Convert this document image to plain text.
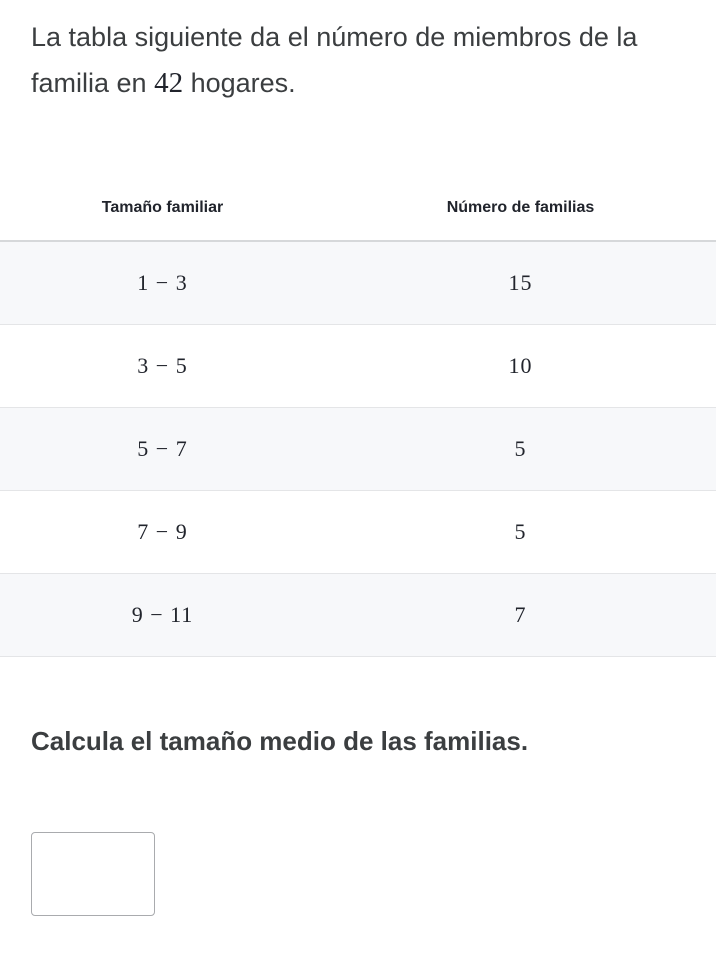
La tabla siguiente da el número de miembros de la familia en 42 hogares.
Tamaño familiar	Número de familias
1 − 3	15
3 − 5	10
5 − 7	5
7 − 9	5
9 − 11	7
Calcula el tamaño medio de las familias.
